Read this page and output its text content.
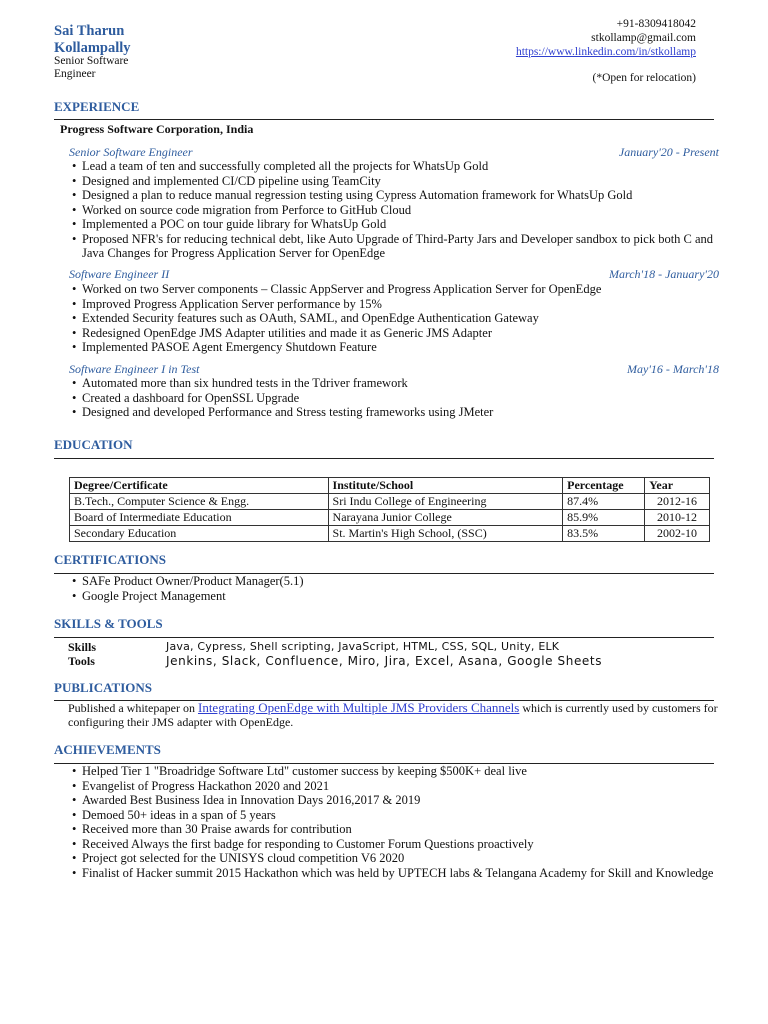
Sai Tharun
Kollampally
Senior Software
Engineer
+91-8309418042
stkollamp@gmail.com
https://www.linkedin.com/in/stkollamp
(*Open for relocation)
EXPERIENCE
Progress Software Corporation, India
Senior Software Engineer	January'20 - Present
• Lead a team of ten and successfully completed all the projects for WhatsUp Gold
• Designed and implemented CI/CD pipeline using TeamCity
• Designed a plan to reduce manual regression testing using Cypress Automation framework for WhatsUp Gold
• Worked on source code migration from Perforce to GitHub Cloud
• Implemented a POC on tour guide library for WhatsUp Gold
• Proposed NFR's for reducing technical debt, like Auto Upgrade of Third-Party Jars and Developer sandbox to pick both C and Java Changes for Progress Application Server for OpenEdge
Software Engineer II	March'18 - January'20
• Worked on two Server components – Classic AppServer and Progress Application Server for OpenEdge
• Improved Progress Application Server performance by 15%
• Extended Security features such as OAuth, SAML, and OpenEdge Authentication Gateway
• Redesigned OpenEdge JMS Adapter utilities and made it as Generic JMS Adapter
• Implemented PASOE Agent Emergency Shutdown Feature
Software Engineer I in Test	May'16 - March'18
• Automated more than six hundred tests in the Tdriver framework
• Created a dashboard for OpenSSL Upgrade
• Designed and developed Performance and Stress testing frameworks using JMeter
EDUCATION
Degree/Certificate	Institute/School	Percentage	Year
B.Tech., Computer Science & Engg.	Sri Indu College of Engineering	87.4%	2012-16
Board of Intermediate Education	Narayana Junior College	85.9%	2010-12
Secondary Education	St. Martin's High School, (SSC)	83.5%	2002-10
CERTIFICATIONS
• SAFe Product Owner/Product Manager(5.1)
• Google Project Management
SKILLS & TOOLS
Skills	Java, Cypress, Shell scripting, JavaScript, HTML, CSS, SQL, Unity, ELK
Tools	Jenkins, Slack, Confluence, Miro, Jira, Excel, Asana, Google Sheets
PUBLICATIONS
Published a whitepaper on Integrating OpenEdge with Multiple JMS Providers Channels which is currently used by customers for configuring their JMS adapter with OpenEdge.
ACHIEVEMENTS
• Helped Tier 1 "Broadridge Software Ltd" customer success by keeping $500K+ deal live
• Evangelist of Progress Hackathon 2020 and 2021
• Awarded Best Business Idea in Innovation Days 2016,2017 & 2019
• Demoed 50+ ideas in a span of 5 years
• Received more than 30 Praise awards for contribution
• Received Always the first badge for responding to Customer Forum Questions proactively
• Project got selected for the UNISYS cloud competition V6 2020
• Finalist of Hacker summit 2015 Hackathon which was held by UPTECH labs & Telangana Academy for Skill and Knowledge
